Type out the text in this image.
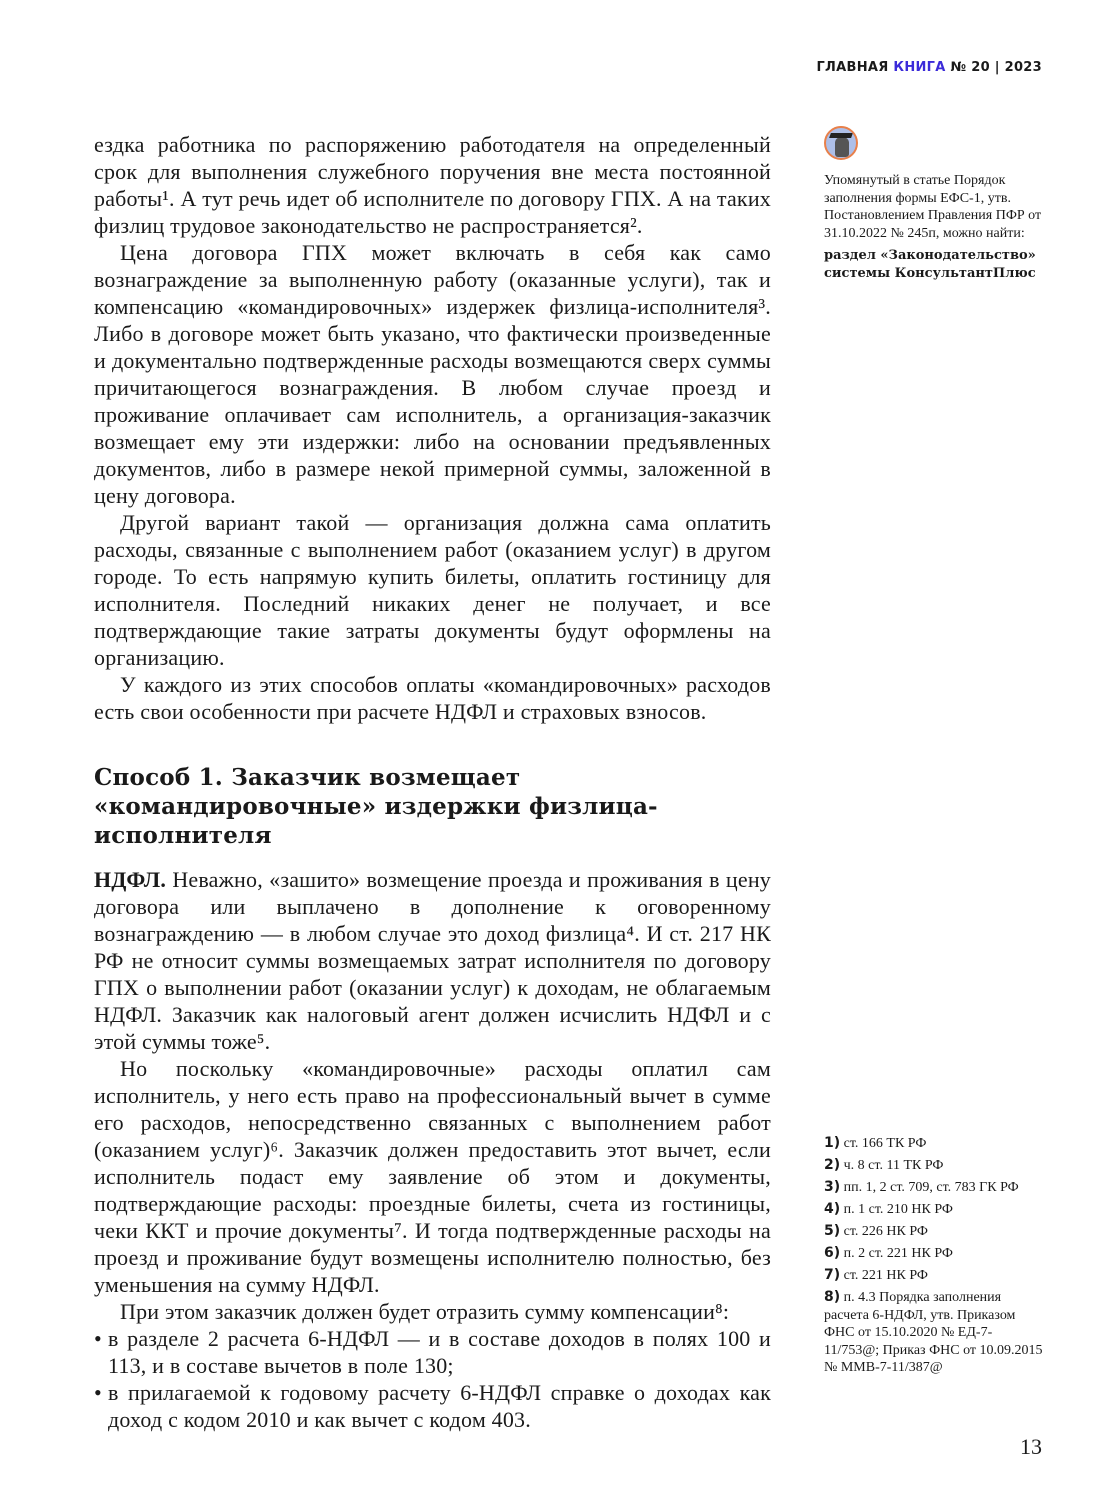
ГЛАВНАЯ КНИГА № 20 | 2023

ездка работника по распоряжению работодателя на определенный срок для выполнения служебного поручения вне места постоянной работы¹. А тут речь идет об исполнителе по договору ГПХ. А на таких физлиц трудовое законодательство не распространяется².

Цена договора ГПХ может включать в себя как само вознаграждение за выполненную работу (оказанные услуги), так и компенсацию «командировочных» издержек физлица-исполнителя³. Либо в договоре может быть указано, что фактически произведенные и документально подтвержденные расходы возмещаются сверх суммы причитающегося вознаграждения. В любом случае проезд и проживание оплачивает сам исполнитель, а организация-заказчик возмещает ему эти издержки: либо на основании предъявленных документов, либо в размере некой примерной суммы, заложенной в цену договора.

Другой вариант такой — организация должна сама оплатить расходы, связанные с выполнением работ (оказанием услуг) в другом городе. То есть напрямую купить билеты, оплатить гостиницу для исполнителя. Последний никаких денег не получает, и все подтверждающие такие затраты документы будут оформлены на организацию.

У каждого из этих способов оплаты «командировочных» расходов есть свои особенности при расчете НДФЛ и страховых взносов.

Способ 1. Заказчик возмещает «командировочные» издержки физлица-исполнителя

НДФЛ. Неважно, «зашито» возмещение проезда и проживания в цену договора или выплачено в дополнение к оговоренному вознаграждению — в любом случае это доход физлица⁴. И ст. 217 НК РФ не относит суммы возмещаемых затрат исполнителя по договору ГПХ о выполнении работ (оказании услуг) к доходам, не облагаемым НДФЛ. Заказчик как налоговый агент должен исчислить НДФЛ и с этой суммы тоже⁵.

Но поскольку «командировочные» расходы оплатил сам исполнитель, у него есть право на профессиональный вычет в сумме его расходов, непосредственно связанных с выполнением работ (оказанием услуг)⁶. Заказчик должен предоставить этот вычет, если исполнитель подаст ему заявление об этом и документы, подтверждающие расходы: проездные билеты, счета из гостиницы, чеки ККТ и прочие документы⁷. И тогда подтвержденные расходы на проезд и проживание будут возмещены исполнителю полностью, без уменьшения на сумму НДФЛ.

При этом заказчик должен будет отразить сумму компенсации⁸:

• в разделе 2 расчета 6-НДФЛ — и в составе доходов в полях 100 и 113, и в составе вычетов в поле 130;
• в прилагаемой к годовому расчету 6-НДФЛ справке о доходах как доход с кодом 2010 и как вычет с кодом 403.
Упомянутый в статье Порядок заполнения формы ЕФС-1, утв. Постановлением Правления ПФР от 31.10.2022 № 245п, можно найти:
раздел «Законодательство» системы КонсультантПлюс
1) ст. 166 ТК РФ
2) ч. 8 ст. 11 ТК РФ
3) пп. 1, 2 ст. 709, ст. 783 ГК РФ
4) п. 1 ст. 210 НК РФ
5) ст. 226 НК РФ
6) п. 2 ст. 221 НК РФ
7) ст. 221 НК РФ
8) п. 4.3 Порядка заполнения расчета 6-НДФЛ, утв. Приказом ФНС от 15.10.2020 № ЕД-7-11/753@; Приказ ФНС от 10.09.2015 № ММВ-7-11/387@
13
